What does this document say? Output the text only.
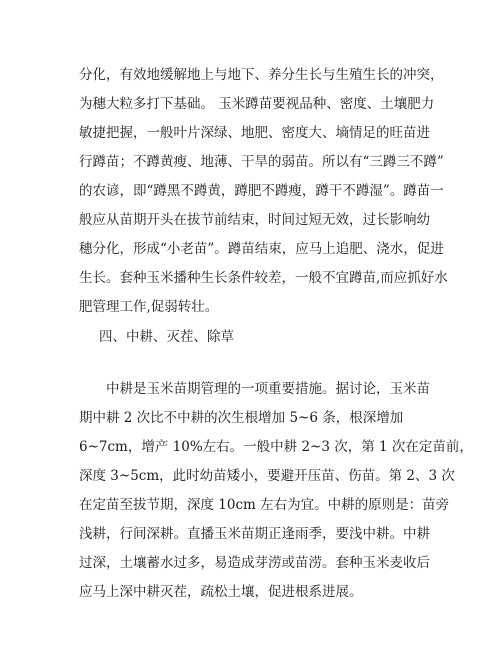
分化，有效地缓解地上与地下、养分生长与生殖生长的冲突，
为穗大粒多打下基础。 玉米蹲苗要视品种、密度、土壤肥力
敏捷把握，一般叶片深绿、地肥、密度大、墒情足的旺苗进
行蹲苗；不蹲黄瘦、地薄、干旱的弱苗。所以有“三蹲三不蹲”
的农谚，即“蹲黑不蹲黄，蹲肥不蹲瘦，蹲干不蹲湿”。蹲苗一
般应从苗期开头在拔节前结束，时间过短无效，过长影响幼
穗分化，形成“小老苗”。蹲苗结束，应马上追肥、浇水，促进
生长。套种玉米播种生长条件较差，一般不宜蹲苗,而应抓好水
肥管理工作,促弱转壮。
四、中耕、灭茬、除草
中耕是玉米苗期管理的一项重要措施。据讨论，玉米苗
期中耕 2 次比不中耕的次生根增加 5~6 条，根深增加
6~7cm，增产 10%左右。一般中耕 2~3 次，第 1 次在定苗前，
深度 3~5cm，此时幼苗矮小，要避开压苗、伤苗。第 2、3 次
在定苗至拔节期，深度 10cm 左右为宜。中耕的原则是：苗旁
浅耕，行间深耕。直播玉米苗期正逢雨季，要浅中耕。中耕
过深，土壤蓄水过多，易造成芽涝或苗涝。套种玉米麦收后
应马上深中耕灭茬，疏松土壤，促进根系进展。
